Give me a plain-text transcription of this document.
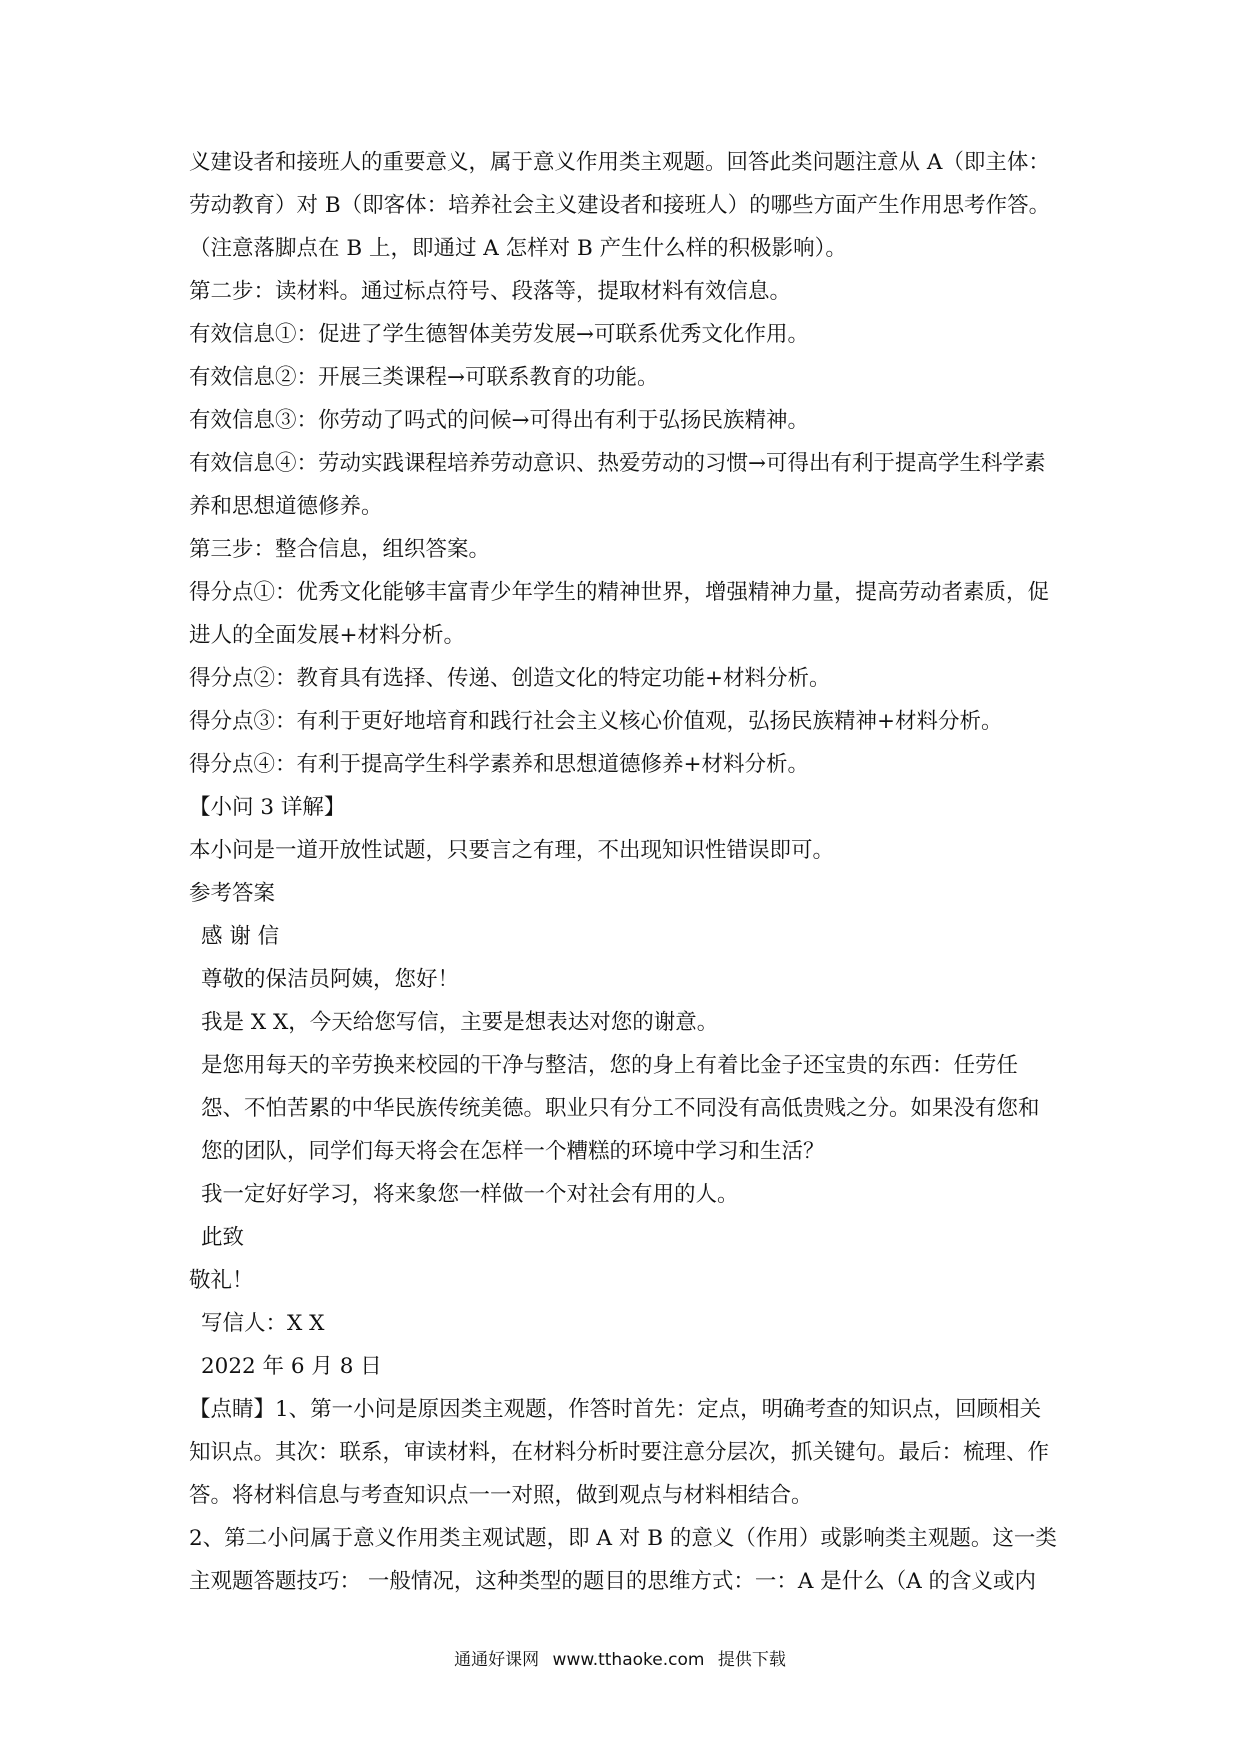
义建设者和接班人的重要意义，属于意义作用类主观题。回答此类问题注意从 A（即主体：劳动教育）对 B（即客体：培养社会主义建设者和接班人）的哪些方面产生作用思考作答。（注意落脚点在 B 上，即通过 A 怎样对 B 产生什么样的积极影响）。

第二步：读材料。通过标点符号、段落等，提取材料有效信息。

有效信息①：促进了学生德智体美劳发展→可联系优秀文化作用。

有效信息②：开展三类课程→可联系教育的功能。

有效信息③：你劳动了吗式的问候→可得出有利于弘扬民族精神。

有效信息④：劳动实践课程培养劳动意识、热爱劳动的习惯→可得出有利于提高学生科学素养和思想道德修养。

第三步：整合信息，组织答案。

得分点①：优秀文化能够丰富青少年学生的精神世界，增强精神力量，提高劳动者素质，促进人的全面发展+材料分析。

得分点②：教育具有选择、传递、创造文化的特定功能+材料分析。

得分点③：有利于更好地培育和践行社会主义核心价值观，弘扬民族精神+材料分析。

得分点④：有利于提高学生科学素养和思想道德修养+材料分析。

【小问 3 详解】

本小问是一道开放性试题，只要言之有理，不出现知识性错误即可。

参考答案

感 谢 信

尊敬的保洁员阿姨，您好！

我是 X X，今天给您写信，主要是想表达对您的谢意。

是您用每天的辛劳换来校园的干净与整洁，您的身上有着比金子还宝贵的东西：任劳任怨、不怕苦累的中华民族传统美德。职业只有分工不同没有高低贵贱之分。如果没有您和您的团队，同学们每天将会在怎样一个糟糕的环境中学习和生活？

我一定好好学习，将来象您一样做一个对社会有用的人。

此致

敬礼！

写信人：X X

2022 年 6 月 8 日

【点睛】1、第一小问是原因类主观题，作答时首先：定点，明确考查的知识点，回顾相关知识点。其次：联系，审读材料，在材料分析时要注意分层次，抓关键句。最后：梳理、作答。将材料信息与考查知识点一一对照，做到观点与材料相结合。

2、第二小问属于意义作用类主观试题，即 A 对 B 的意义（作用）或影响类主观题。这一类主观题答题技巧： 一般情况，这种类型的题目的思维方式：一：A 是什么（A 的含义或内

通通好课网 www.tthaoke.com 提供下载
